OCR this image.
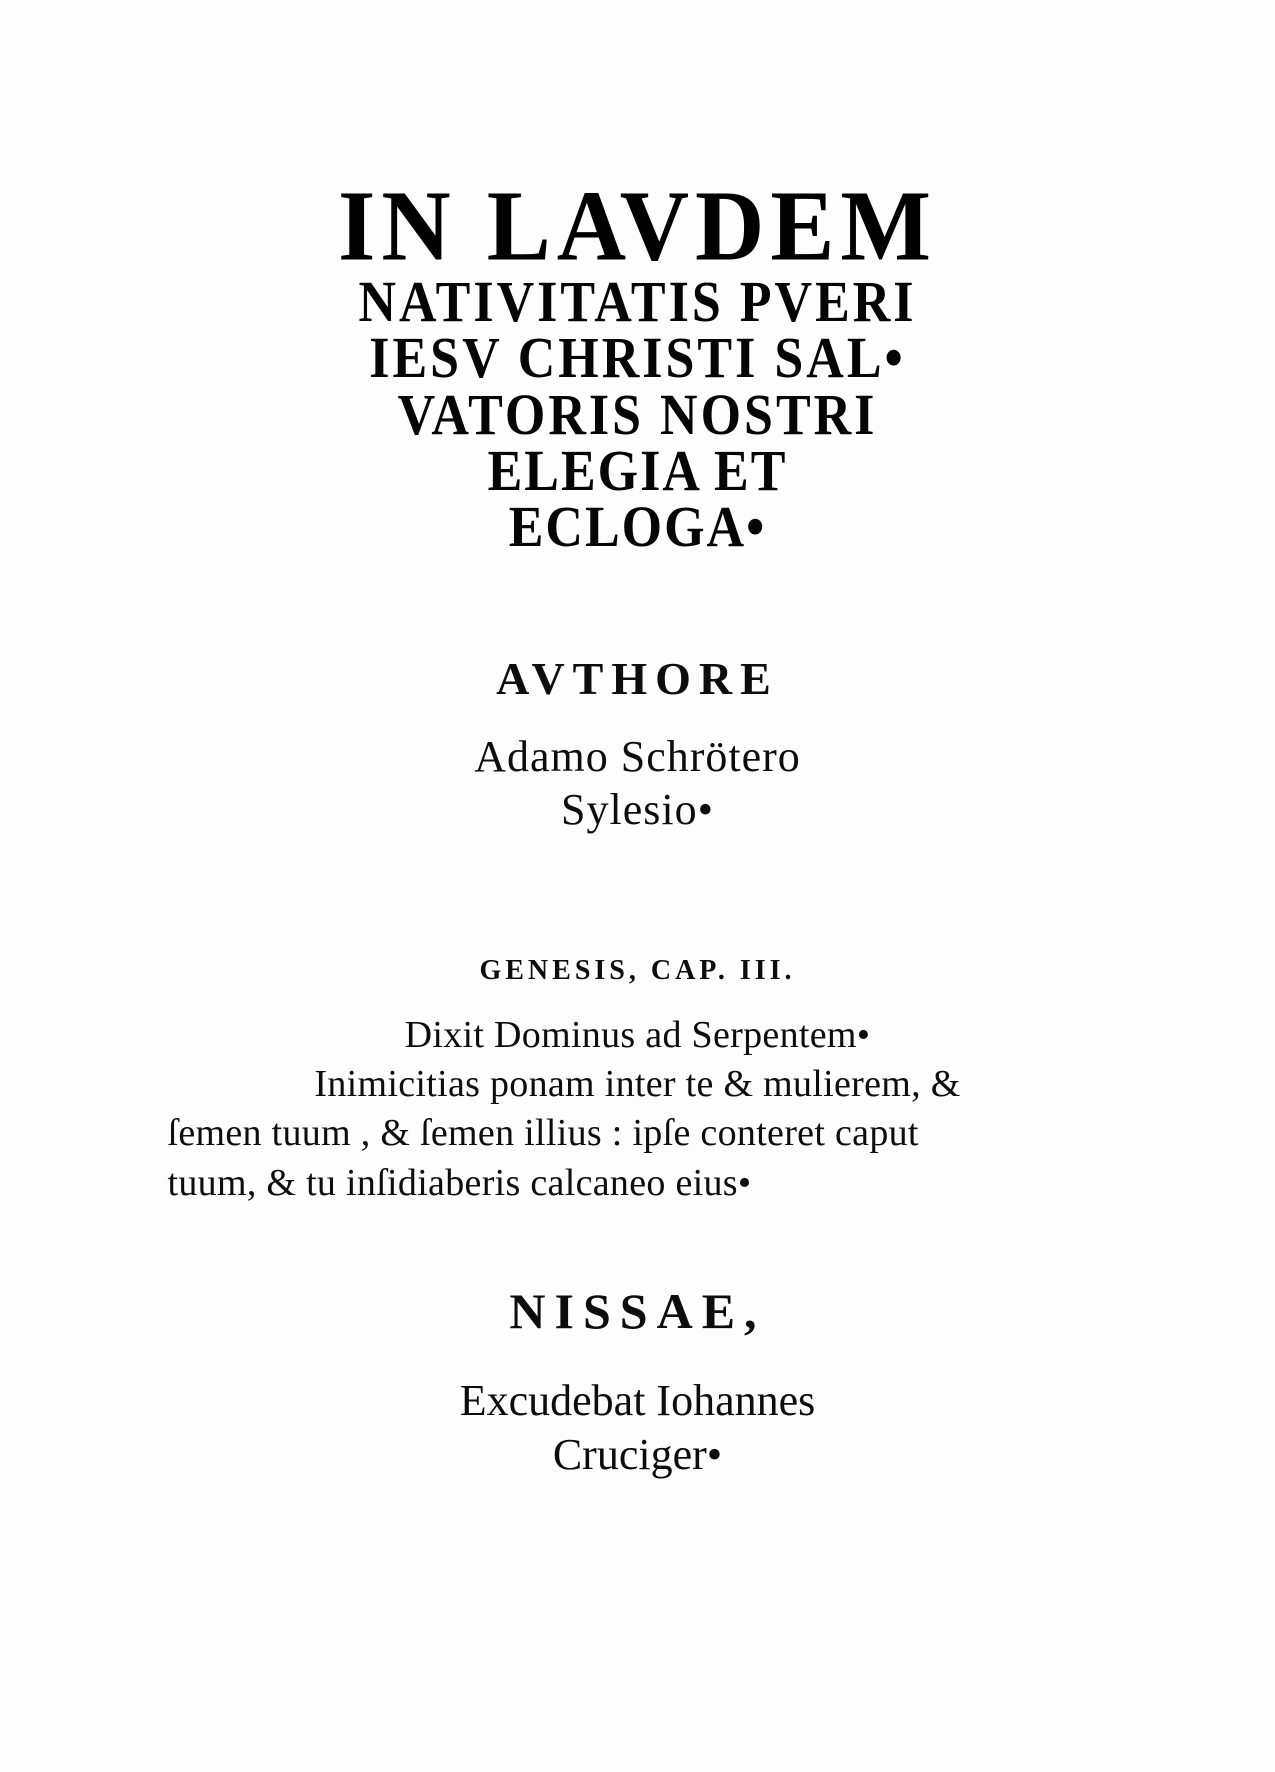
IN LAVDEM
NATIVITATIS PVERI
IESV CHRISTI SAL•
VATORIS NOSTRI
ELEGIA ET
ECLOGA•
AVTHORE
Adamo Schrötero
Sylesio•
GENESIS, CAP. III.
Dixit Dominus ad Serpentem•
Inimicitias ponam inter te & mulierem, &
ſemen tuum , & ſemen illius : ipſe conteret caput
tuum, & tu inſidiaberis calcaneo eius•
NISSAE,
Excudebat Iohannes
Cruciger•
